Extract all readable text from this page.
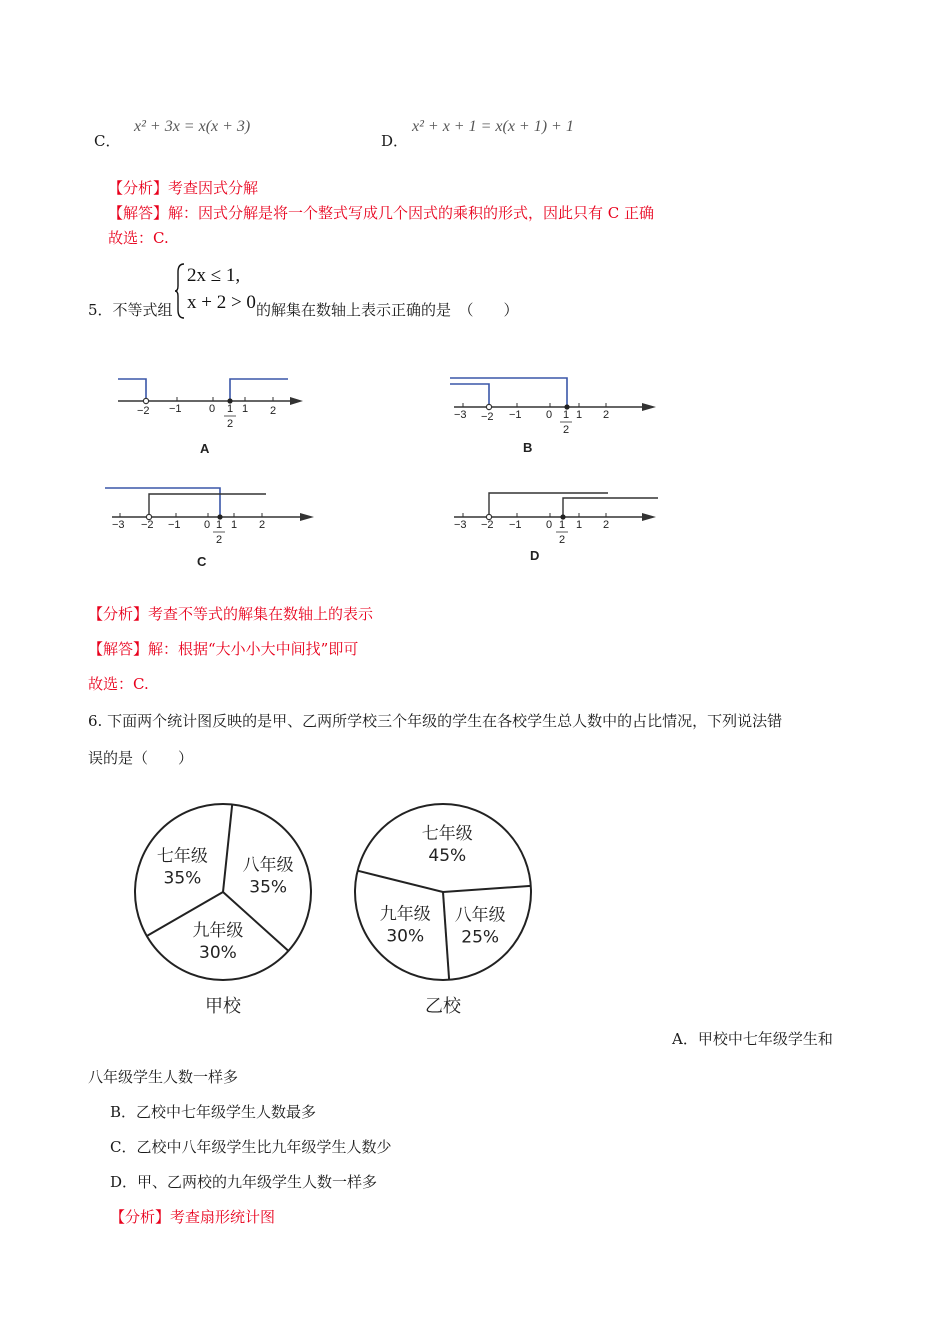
C．
x² + 3x = x(x + 3)
D．
x² + x + 1 = x(x + 1) + 1
【分析】考查因式分解
【解答】解：因式分解是将一个整式写成几个因式的乘积的形式，因此只有 C 正确
故选：C.
5．不等式组
2x ≤ 1,
x + 2 > 0 的解集在数轴上表示正确的是　（　　）
−2 −1 0 1
2
1 2
A
−3 −2 −1 0 1
2
1 2
B
−3 −2 −1 0 1
2
1 2
C
−3 −2 −1 0 1
2
1 2
D
【分析】考查不等式的解集在数轴上的表示
【解答】解：根据“大小小大中间找”即可
故选：C.
6. 下面两个统计图反映的是甲、乙两所学校三个年级的学生在各校学生总人数中的占比情况，下列说法错
误的是（　　）
七年级
35%
八年级
35%
九年级
30%
甲校
七年级
45%
八年级
25%
九年级
30%
乙校
A．甲校中七年级学生和
八年级学生人数一样多
B．乙校中七年级学生人数最多
C．乙校中八年级学生比九年级学生人数少
D．甲、乙两校的九年级学生人数一样多
【分析】考查扇形统计图
